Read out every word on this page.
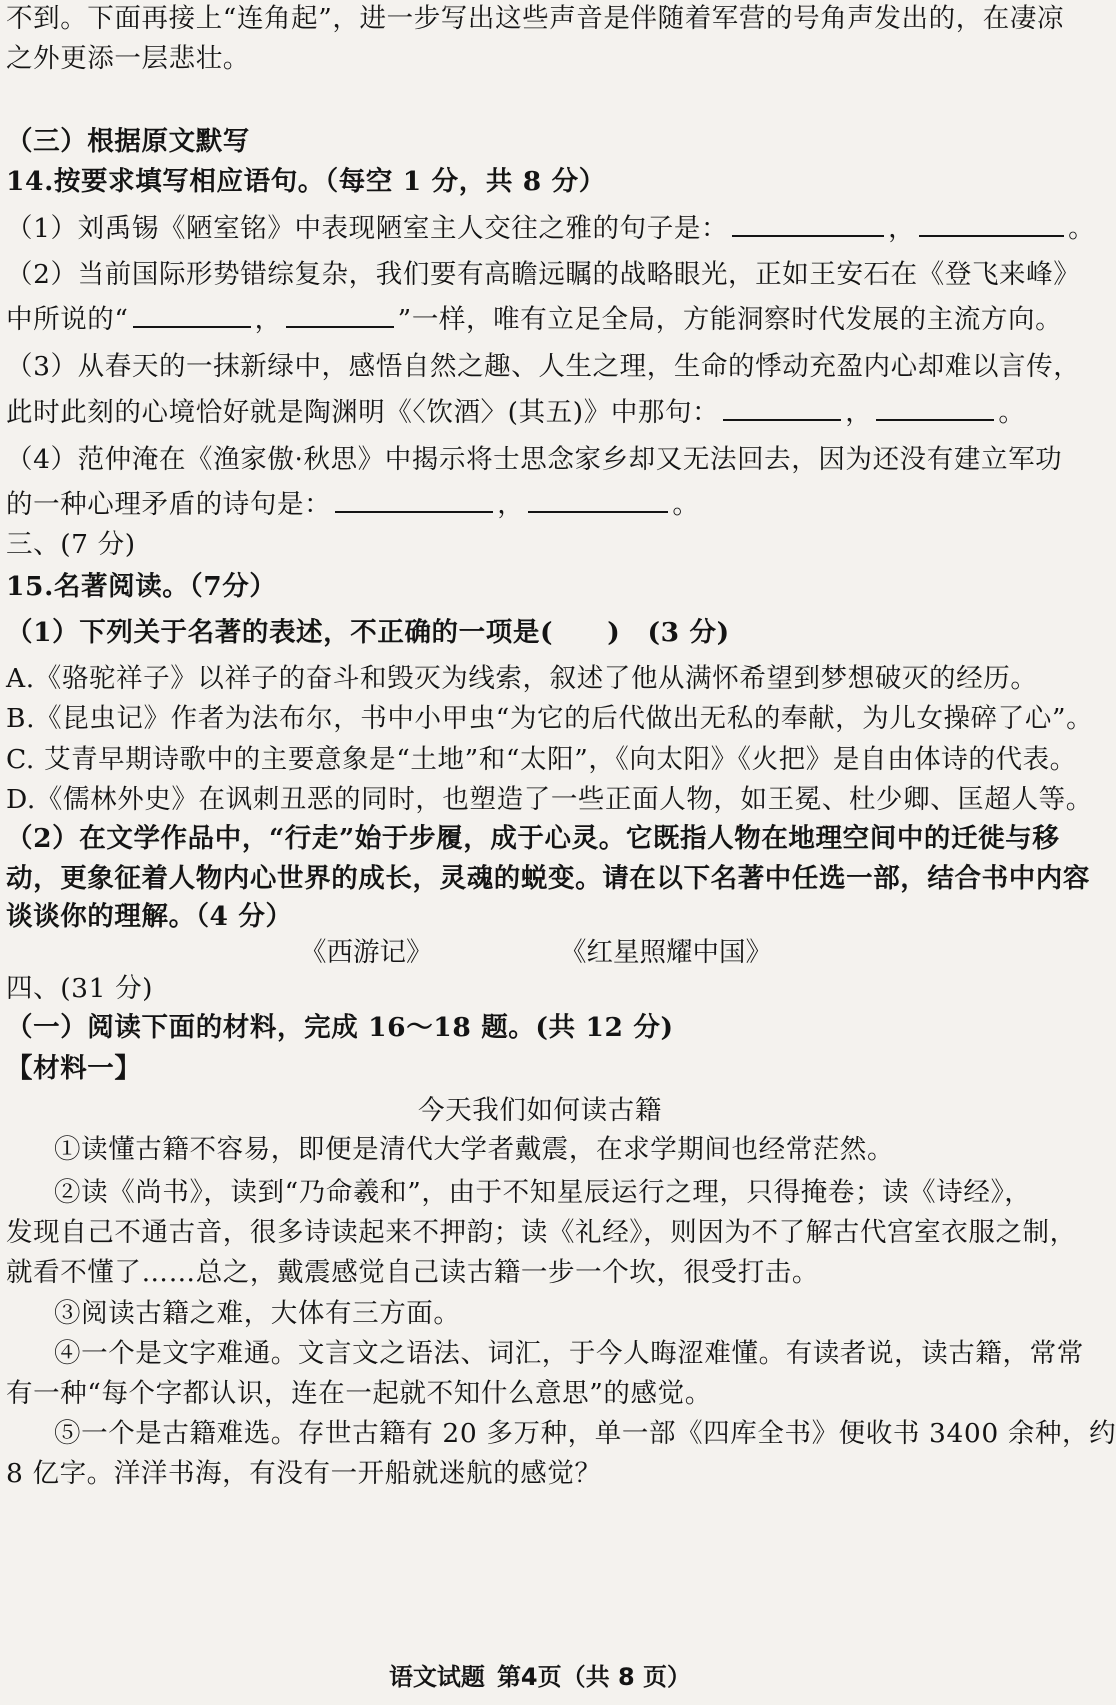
不到。下面再接上“连角起”，进一步写出这些声音是伴随着军营的号角声发出的，在凄凉
之外更添一层悲壮。
（三）根据原文默写
14.按要求填写相应语句。（每空 1 分，共 8 分）
（1）刘禹锡《陋室铭》中表现陋室主人交往之雅的句子是：	，	。
（2）当前国际形势错综复杂，我们要有高瞻远瞩的战略眼光，正如王安石在《登飞来峰》
中所说的“	，	”一样，唯有立足全局，方能洞察时代发展的主流方向。
（3）从春天的一抹新绿中，感悟自然之趣、人生之理，生命的悸动充盈内心却难以言传，
此时此刻的心境恰好就是陶渊明《〈饮酒〉(其五)》中那句：	，	。
（4）范仲淹在《渔家傲·秋思》中揭示将士思念家乡却又无法回去，因为还没有建立军功
的一种心理矛盾的诗句是：	，	。
三、(7 分)
15.名著阅读。（7分）
（1）下列关于名著的表述，不正确的一项是(　　)　(3 分)
A.《骆驼祥子》以祥子的奋斗和毁灭为线索，叙述了他从满怀希望到梦想破灭的经历。
B.《昆虫记》作者为法布尔，书中小甲虫“为它的后代做出无私的奉献，为儿女操碎了心”。
C. 艾青早期诗歌中的主要意象是“土地”和“太阳”，《向太阳》《火把》是自由体诗的代表。
D.《儒林外史》在讽刺丑恶的同时，也塑造了一些正面人物，如王冕、杜少卿、匡超人等。
（2）在文学作品中，“行走”始于步履，成于心灵。它既指人物在地理空间中的迁徙与移
动，更象征着人物内心世界的成长，灵魂的蜕变。请在以下名著中任选一部，结合书中内容
谈谈你的理解。（4 分）
《西游记》	《红星照耀中国》
四、(31 分)
（一）阅读下面的材料，完成 16～18 题。(共 12 分)
【材料一】
今天我们如何读古籍
①读懂古籍不容易，即便是清代大学者戴震，在求学期间也经常茫然。
②读《尚书》，读到“乃命羲和”，由于不知星辰运行之理，只得掩卷；读《诗经》，
发现自己不通古音，很多诗读起来不押韵；读《礼经》，则因为不了解古代宫室衣服之制，
就看不懂了……总之，戴震感觉自己读古籍一步一个坎，很受打击。
③阅读古籍之难，大体有三方面。
④一个是文字难通。文言文之语法、词汇，于今人晦涩难懂。有读者说，读古籍，常常
有一种“每个字都认识，连在一起就不知什么意思”的感觉。
⑤一个是古籍难选。存世古籍有 20 多万种，单一部《四库全书》便收书 3400 余种，约
8 亿字。洋洋书海，有没有一开船就迷航的感觉？
语文试题 第4页（共 8 页）
